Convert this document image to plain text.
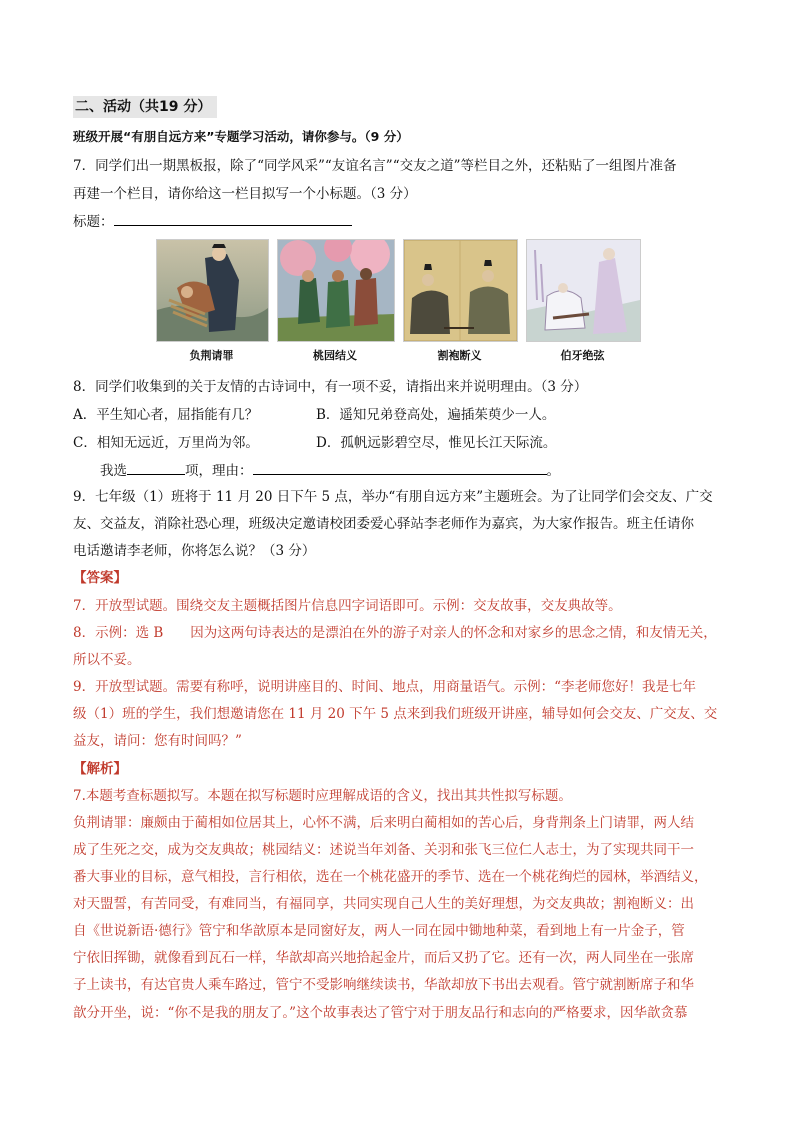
二、活动（共19 分）
班级开展“有朋自远方来”专题学习活动，请你参与。（9 分）
7．同学们出一期黑板报，除了“同学风采”“友谊名言”“交友之道”等栏目之外，还粘贴了一组图片准备
再建一个栏目，请你给这一栏目拟写一个小标题。（3 分）
标题：
负荆请罪	桃园结义	割袍断义	伯牙绝弦
8．同学们收集到的关于友情的古诗词中，有一项不妥，请指出来并说明理由。（3 分）
A．平生知心者，屈指能有几？	B．遥知兄弟登高处，遍插茱萸少一人。
C．相知无远近，万里尚为邻。	D．孤帆远影碧空尽，惟见长江天际流。
我选	项，理由：	。
9．七年级（1）班将于 11 月 20 日下午 5 点，举办“有朋自远方来”主题班会。为了让同学们会交友、广交
友、交益友，消除社恐心理，班级决定邀请校团委爱心驿站李老师作为嘉宾，为大家作报告。班主任请你
电话邀请李老师，你将怎么说？（3 分）
【答案】
7．开放型试题。围绕交友主题概括图片信息四字词语即可。示例：交友故事，交友典故等。
8．示例：选 B　　因为这两句诗表达的是漂泊在外的游子对亲人的怀念和对家乡的思念之情，和友情无关，
所以不妥。
9．开放型试题。需要有称呼，说明讲座目的、时间、地点，用商量语气。示例：“李老师您好！我是七年
级（1）班的学生，我们想邀请您在 11 月 20 下午 5 点来到我们班级开讲座，辅导如何会交友、广交友、交
益友，请问：您有时间吗？”
【解析】
7.本题考查标题拟写。本题在拟写标题时应理解成语的含义，找出其共性拟写标题。
负荆请罪：廉颇由于蔺相如位居其上，心怀不满，后来明白蔺相如的苦心后，身背荆条上门请罪，两人结
成了生死之交，成为交友典故；桃园结义：述说当年刘备、关羽和张飞三位仁人志士，为了实现共同干一
番大事业的目标，意气相投，言行相依，选在一个桃花盛开的季节、选在一个桃花绚烂的园林，举酒结义，
对天盟誓，有苦同受，有难同当，有福同享，共同实现自己人生的美好理想，为交友典故；割袍断义：出
自《世说新语·德行》管宁和华歆原本是同窗好友，两人一同在园中锄地种菜，看到地上有一片金子，管
宁依旧挥锄，就像看到瓦石一样，华歆却高兴地拾起金片，而后又扔了它。还有一次，两人同坐在一张席
子上读书，有达官贵人乘车路过，管宁不受影响继续读书，华歆却放下书出去观看。管宁就割断席子和华
歆分开坐，说：“你不是我的朋友了。”这个故事表达了管宁对于朋友品行和志向的严格要求，因华歆贪慕
